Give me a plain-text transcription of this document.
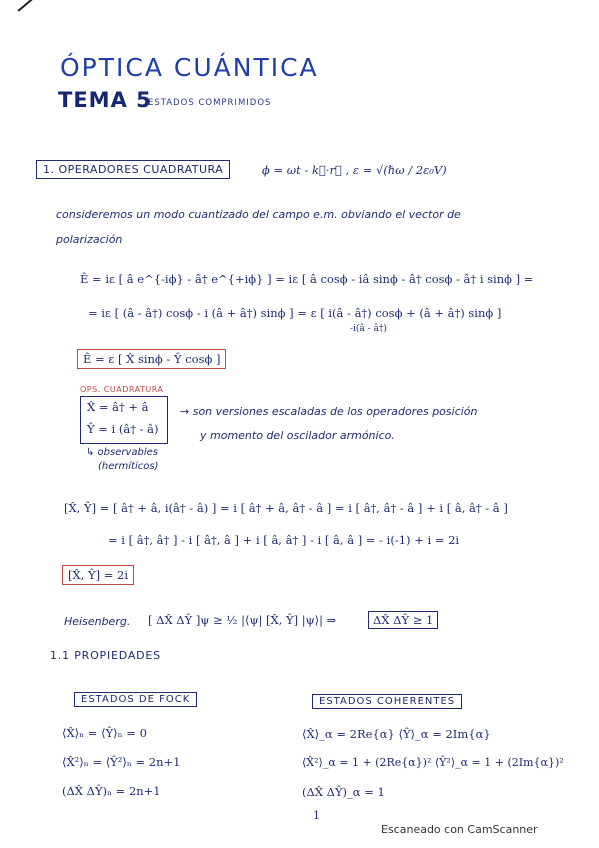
ÓPTICA CUÁNTICA
TEMA 5
ESTADOS COMPRIMIDOS
1. OPERADORES CUADRATURA	ϕ = ωt - k⃗·r⃗ , ε = √(ℏω / 2ε₀V)
consideremos un modo cuantizado del campo e.m. obviando el vector de
polarización
Ê = iε [ â e^{-iϕ} - â† e^{+iϕ} ] = iε [ â cosϕ - iâ sinϕ - â† cosϕ - â† i sinϕ ] =
= iε [ (â - â†) cosϕ - i (â + â†) sinϕ ] = ε [ i(â - â†) cosϕ + (â + â†) sinϕ ]
-i(â - â†)
Ê = ε [ X̂ sinϕ - Ŷ cosϕ ]
OPS. CUADRATURA
X̂ = â† + â
Ŷ = i (â† - â)
→ son versiones escaladas de los operadores posición
y momento del oscilador armónico.
↳ observables
(hermíticos)
[X̂, Ŷ] = [ â† + â, i(â† - â) ] = i [ â† + â, â† - â ] = i [ â†, â† - â ] + i [ â, â† - â ]
= i [ â†, â† ] - i [ â†, â ] + i [ â, â† ] - i [ â, â ] = - i(-1) + i = 2i
[X̂, Ŷ] = 2i
Heisenberg. [ ΔX̂ ΔŶ ]ψ ≥ ½ |⟨ψ| [X̂, Ŷ] |ψ⟩| ⇒	ΔX̂ ΔŶ ≥ 1
1.1 PROPIEDADES
ESTADOS DE FOCK
⟨X̂⟩ₙ = ⟨Ŷ⟩ₙ = 0
⟨X̂²⟩ₙ = ⟨Ŷ²⟩ₙ = 2n+1
(ΔX̂ ΔŶ)ₙ = 2n+1
ESTADOS COHERENTES
⟨X̂⟩_α = 2Re{α} ⟨Ŷ⟩_α = 2Im{α}
⟨X̂²⟩_α = 1 + (2Re{α})² ⟨Ŷ²⟩_α = 1 + (2Im{α})²
(ΔX̂ ΔŶ)_α = 1
1
Escaneado con CamScanner
